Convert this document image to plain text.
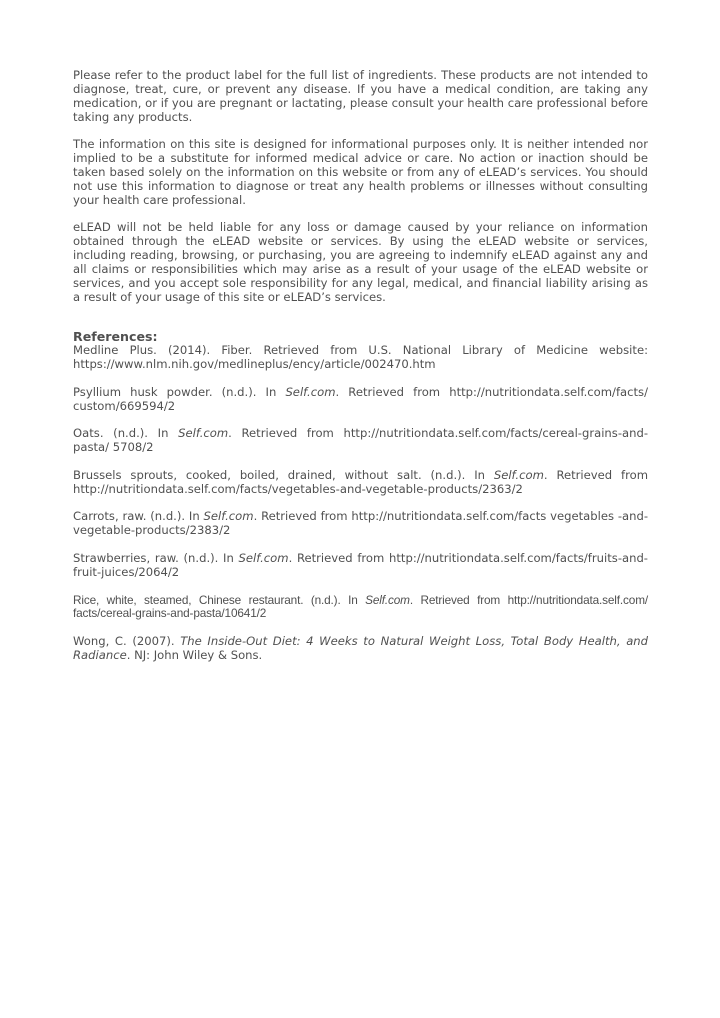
Please refer to the product label for the full list of ingredients. These products are not intended to diagnose, treat, cure, or prevent any disease. If you have a medical condition, are taking any medication, or if you are pregnant or lactating, please consult your health care professional before taking any products.

The information on this site is designed for informational purposes only. It is neither intended nor implied to be a substitute for informed medical advice or care. No action or inaction should be taken based solely on the information on this website or from any of eLEAD’s services. You should not use this information to diagnose or treat any health problems or illnesses without consulting your health care professional.

eLEAD will not be held liable for any loss or damage caused by your reliance on information obtained through the eLEAD website or services. By using the eLEAD website or services, including reading, browsing, or purchasing, you are agreeing to indemnify eLEAD against any and all claims or responsibilities which may arise as a result of your usage of the eLEAD website or services, and you accept sole responsibility for any legal, medical, and financial liability arising as a result of your usage of this site or eLEAD’s services.

References:

Medline Plus. (2014). Fiber. Retrieved from U.S. National Library of Medicine website: https://www.nlm.nih.gov/medlineplus/ency/article/002470.htm

Psyllium husk powder. (n.d.). In Self.com. Retrieved from http://nutritiondata.self.com/facts/ custom/669594/2

Oats. (n.d.). In Self.com. Retrieved from http://nutritiondata.self.com/facts/cereal-grains-and-pasta/ 5708/2

Brussels sprouts, cooked, boiled, drained, without salt. (n.d.). In Self.com. Retrieved from http://nutritiondata.self.com/facts/vegetables-and-vegetable-products/2363/2

Carrots, raw. (n.d.). In Self.com. Retrieved from http://nutritiondata.self.com/facts vegetables -and-vegetable-products/2383/2

Strawberries, raw. (n.d.). In Self.com. Retrieved from http://nutritiondata.self.com/facts/fruits-and-fruit-juices/2064/2

Rice, white, steamed, Chinese restaurant. (n.d.). In Self.com. Retrieved from http://nutritiondata.self.com/ facts/cereal-grains-and-pasta/10641/2

Wong, C. (2007). The Inside-Out Diet: 4 Weeks to Natural Weight Loss, Total Body Health, and Radiance. NJ: John Wiley & Sons.
